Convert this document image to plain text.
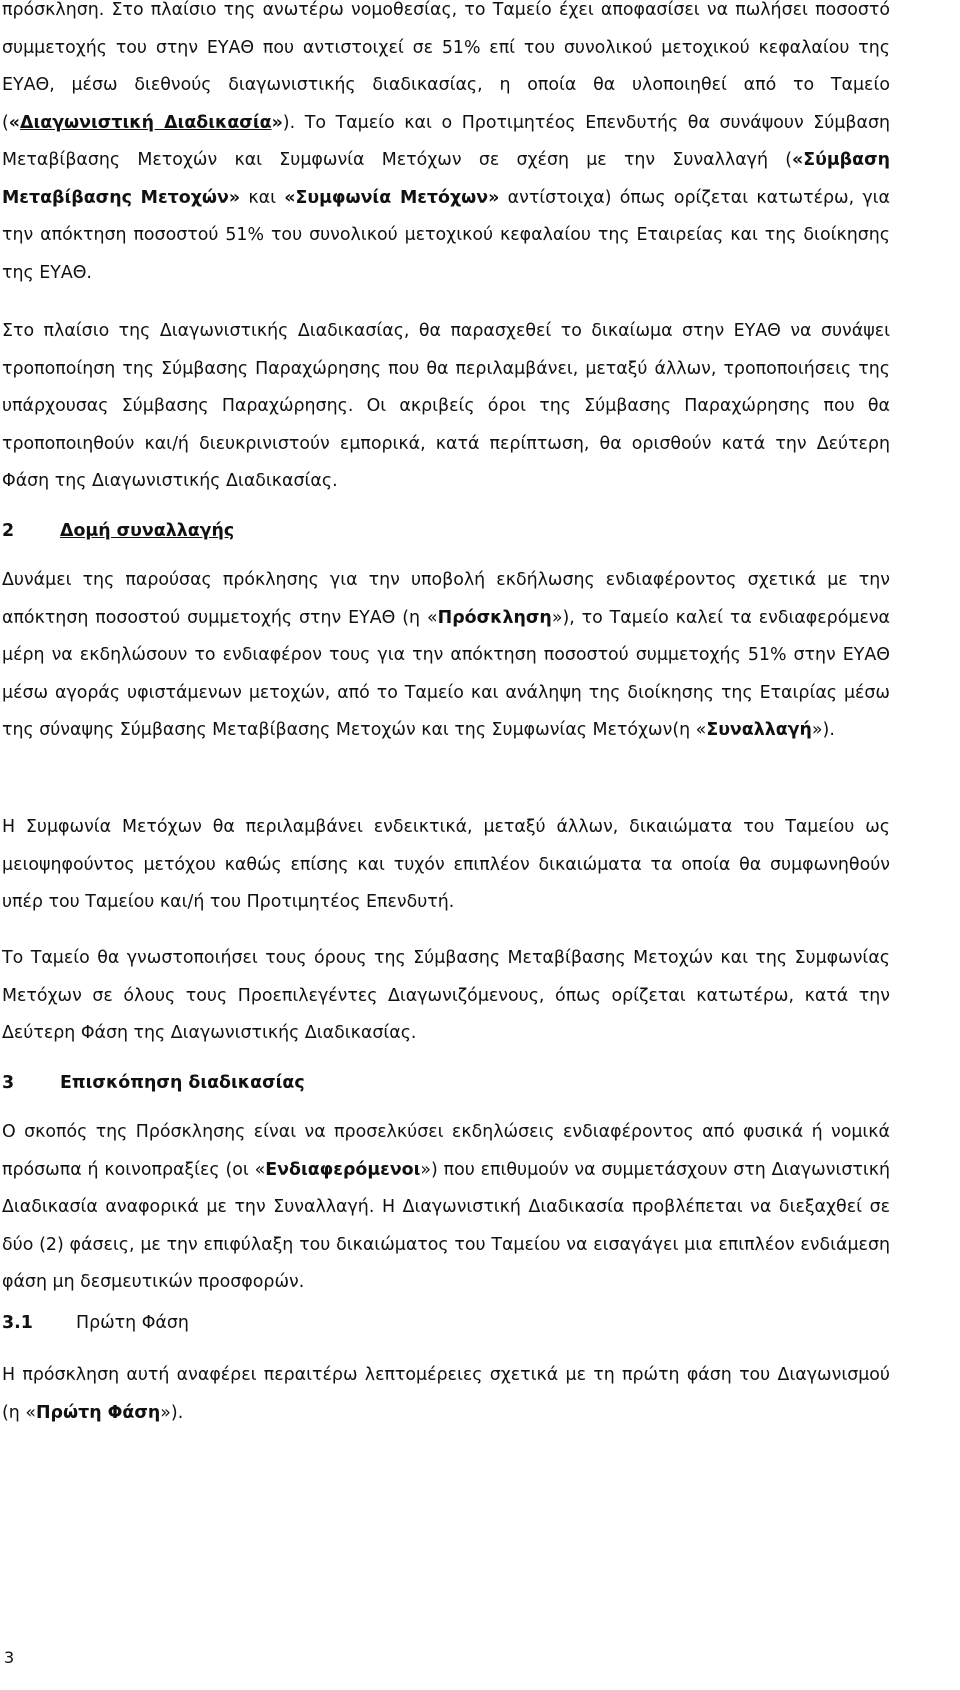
πρόσκληση. Στο πλαίσιο της ανωτέρω νομοθεσίας, το Ταμείο έχει αποφασίσει να πωλήσει ποσοστό συμμετοχής του στην ΕΥΑΘ που αντιστοιχεί σε 51% επί του συνολικού μετοχικού κεφαλαίου της ΕΥΑΘ, μέσω διεθνούς διαγωνιστικής διαδικασίας, η οποία θα υλοποιηθεί από το Ταμείο («Διαγωνιστική Διαδικασία»). Το Ταμείο και ο Προτιμητέος Επενδυτής θα συνάψουν Σύμβαση Μεταβίβασης Μετοχών και Συμφωνία Μετόχων σε σχέση με την Συναλλαγή («Σύμβαση Μεταβίβασης Μετοχών» και «Συμφωνία Μετόχων» αντίστοιχα) όπως ορίζεται κατωτέρω, για την απόκτηση ποσοστού 51% του συνολικού μετοχικού κεφαλαίου της Εταιρείας και της διοίκησης της ΕΥΑΘ.

Στο πλαίσιο της Διαγωνιστικής Διαδικασίας, θα παρασχεθεί το δικαίωμα στην ΕΥΑΘ να συνάψει τροποποίηση της Σύμβασης Παραχώρησης που θα περιλαμβάνει, μεταξύ άλλων, τροποποιήσεις της υπάρχουσας Σύμβασης Παραχώρησης. Οι ακριβείς όροι της Σύμβασης Παραχώρησης που θα τροποποιηθούν και/ή διευκρινιστούν εμπορικά, κατά περίπτωση, θα ορισθούν κατά την Δεύτερη Φάση της Διαγωνιστικής Διαδικασίας.

2	Δομή συναλλαγής

Δυνάμει της παρούσας πρόκλησης για την υποβολή εκδήλωσης ενδιαφέροντος σχετικά με την απόκτηση ποσοστού συμμετοχής στην ΕΥΑΘ (η «Πρόσκληση»), το Ταμείο καλεί τα ενδιαφερόμενα μέρη να εκδηλώσουν το ενδιαφέρον τους για την απόκτηση ποσοστού συμμετοχής 51% στην ΕΥΑΘ μέσω αγοράς υφιστάμενων μετοχών, από το Ταμείο και ανάληψη της διοίκησης της Εταιρίας μέσω της σύναψης Σύμβασης Μεταβίβασης Μετοχών και της Συμφωνίας Μετόχων(η «Συναλλαγή»).

Η Συμφωνία Μετόχων θα περιλαμβάνει ενδεικτικά, μεταξύ άλλων, δικαιώματα του Ταμείου ως μειοψηφούντος μετόχου καθώς επίσης και τυχόν επιπλέον δικαιώματα τα οποία θα συμφωνηθούν υπέρ του Ταμείου και/ή του Προτιμητέος Επενδυτή.

Το Ταμείο θα γνωστοποιήσει τους όρους της Σύμβασης Μεταβίβασης Μετοχών και της Συμφωνίας Μετόχων σε όλους τους Προεπιλεγέντες Διαγωνιζόμενους, όπως ορίζεται κατωτέρω, κατά την Δεύτερη Φάση της Διαγωνιστικής Διαδικασίας.

3	Επισκόπηση διαδικασίας

Ο σκοπός της Πρόσκλησης είναι να προσελκύσει εκδηλώσεις ενδιαφέροντος από φυσικά ή νομικά πρόσωπα ή κοινοπραξίες (οι «Ενδιαφερόμενοι») που επιθυμούν να συμμετάσχουν στη Διαγωνιστική Διαδικασία αναφορικά με την Συναλλαγή. Η Διαγωνιστική Διαδικασία προβλέπεται να διεξαχθεί σε δύο (2) φάσεις, με την επιφύλαξη του δικαιώματος του Ταμείου να εισαγάγει μια επιπλέον ενδιάμεση φάση μη δεσμευτικών προσφορών.

3.1 Πρώτη Φάση

Η πρόσκληση αυτή αναφέρει περαιτέρω λεπτομέρειες σχετικά με τη πρώτη φάση του Διαγωνισμού (η «Πρώτη Φάση»).

3
